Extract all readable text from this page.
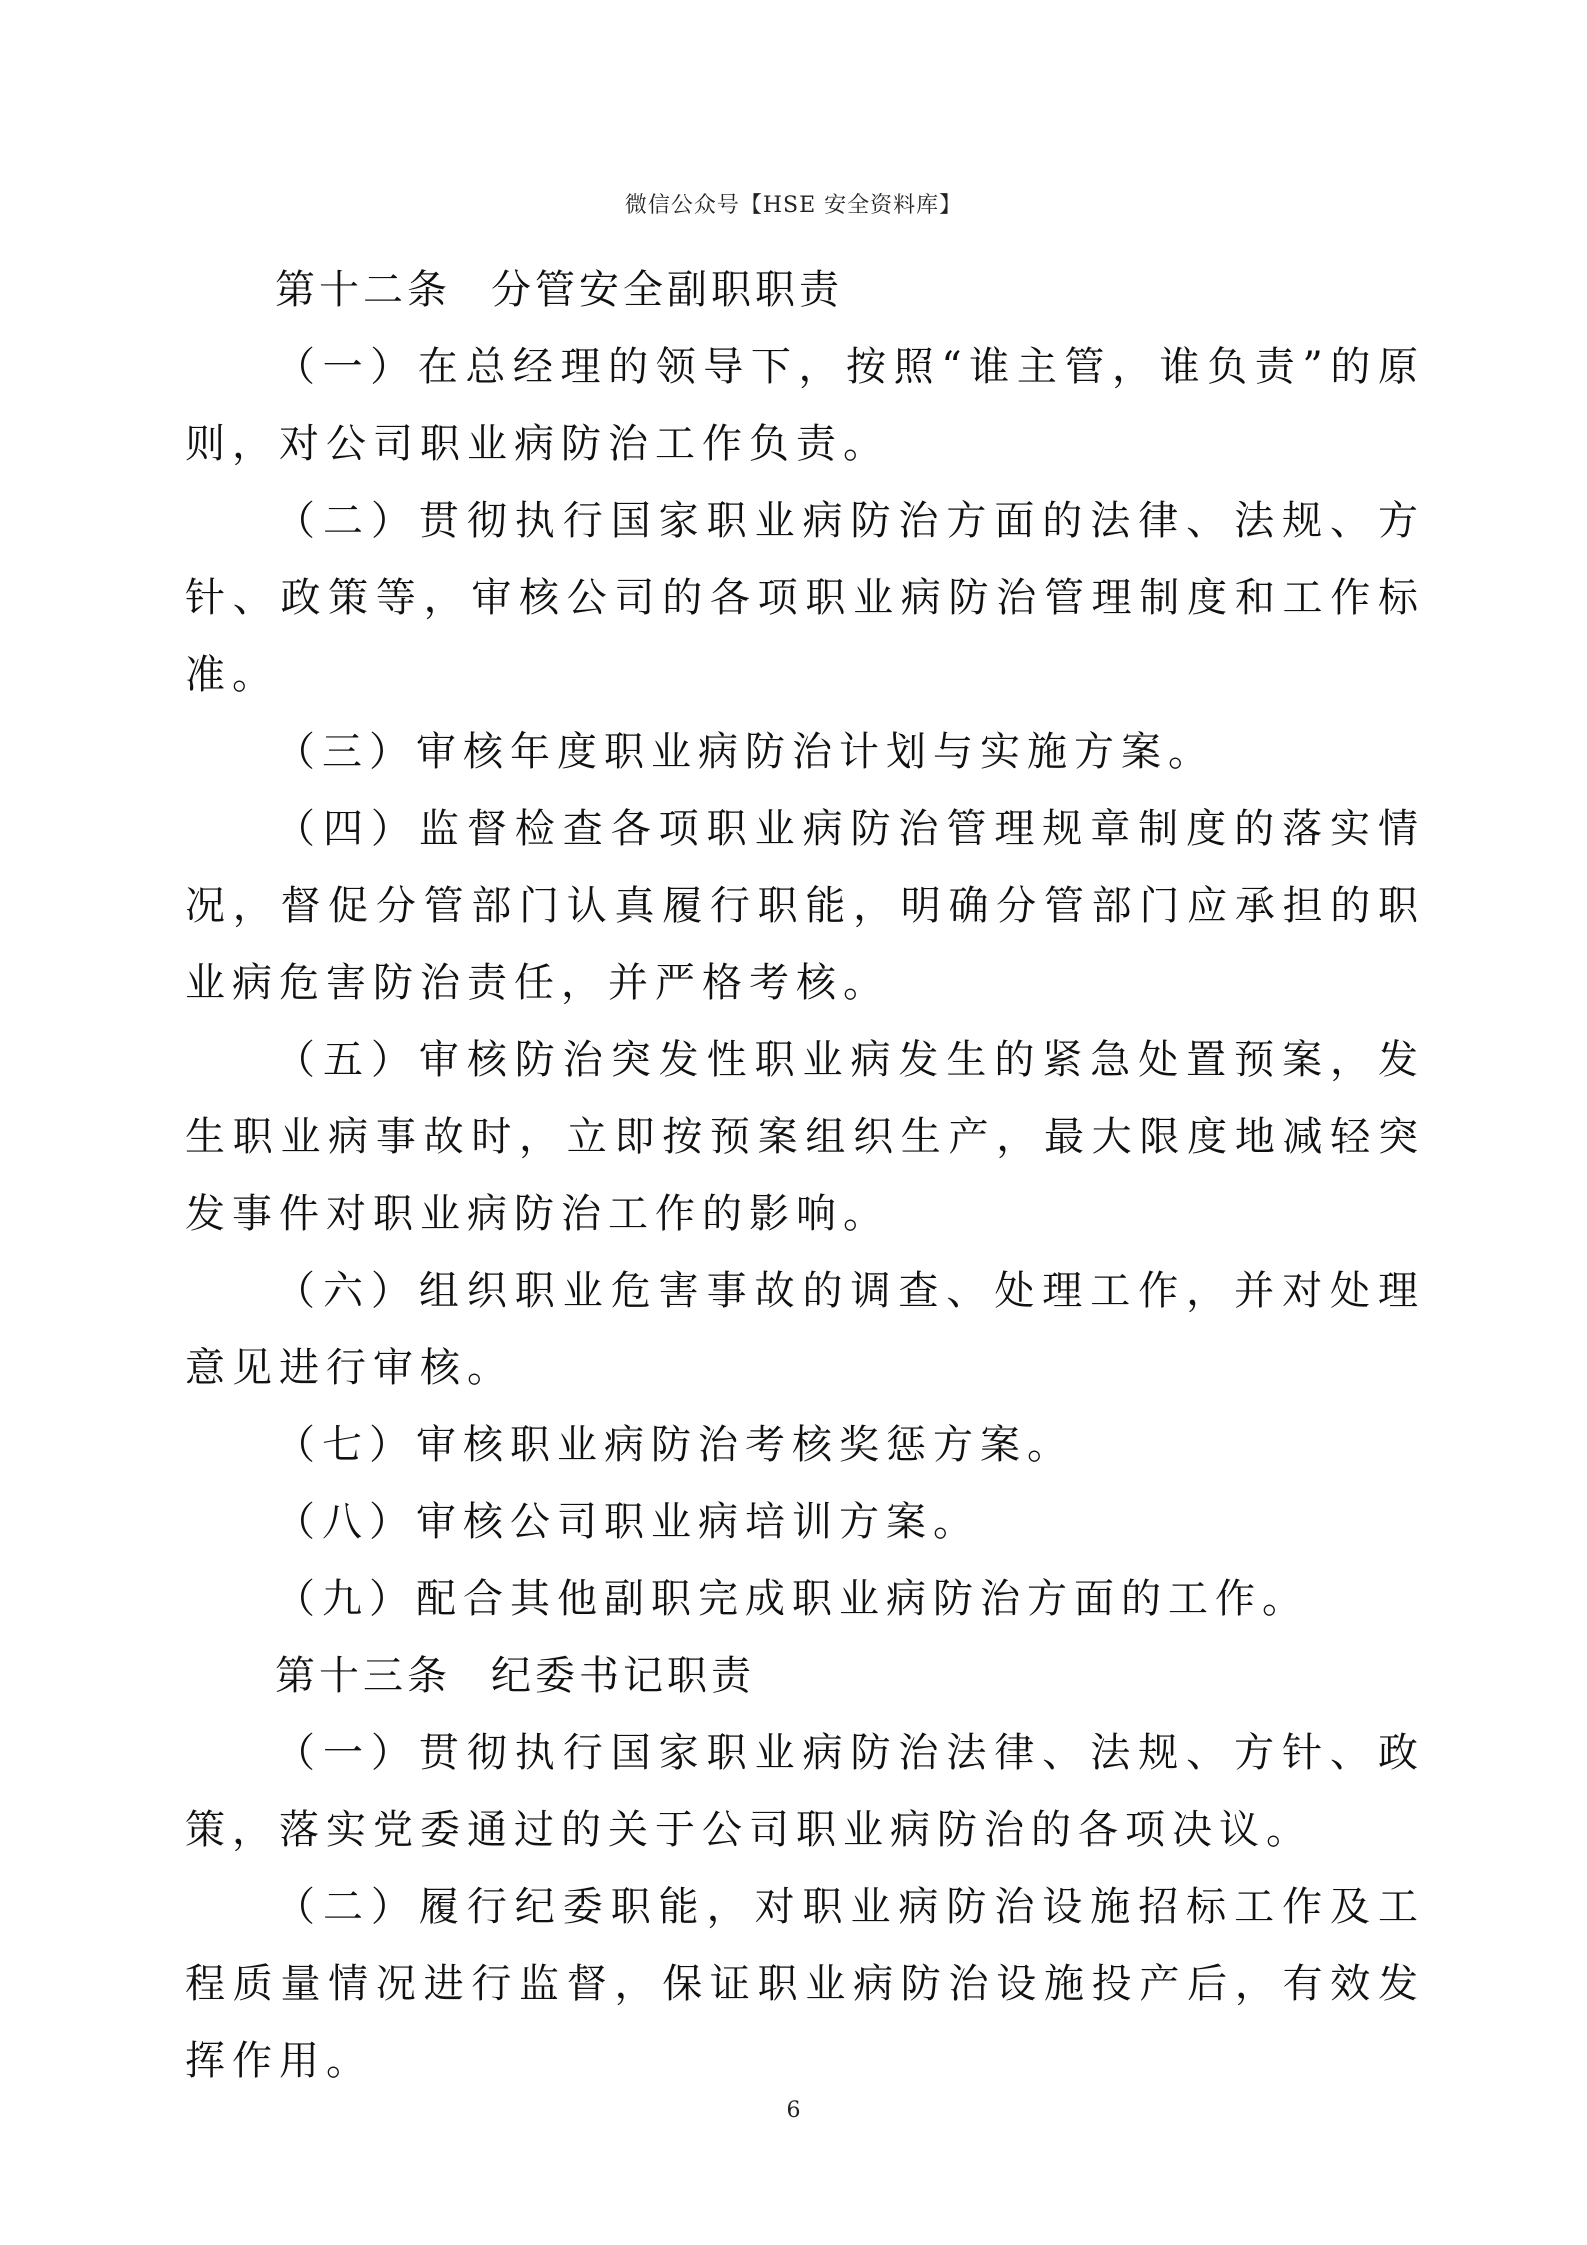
微信公众号【HSE 安全资料库】

第十二条 分管安全副职职责

（一）在总经理的领导下，按照“谁主管，谁负责”的原则，对公司职业病防治工作负责。

（二）贯彻执行国家职业病防治方面的法律、法规、方针、政策等，审核公司的各项职业病防治管理制度和工作标准。

（三）审核年度职业病防治计划与实施方案。

（四）监督检查各项职业病防治管理规章制度的落实情况，督促分管部门认真履行职能，明确分管部门应承担的职业病危害防治责任，并严格考核。

（五）审核防治突发性职业病发生的紧急处置预案，发生职业病事故时，立即按预案组织生产，最大限度地减轻突发事件对职业病防治工作的影响。

（六）组织职业危害事故的调查、处理工作，并对处理意见进行审核。

（七）审核职业病防治考核奖惩方案。

（八）审核公司职业病培训方案。

（九）配合其他副职完成职业病防治方面的工作。

第十三条 纪委书记职责

（一）贯彻执行国家职业病防治法律、法规、方针、政策，落实党委通过的关于公司职业病防治的各项决议。

（二）履行纪委职能，对职业病防治设施招标工作及工程质量情况进行监督，保证职业病防治设施投产后，有效发挥作用。

6
